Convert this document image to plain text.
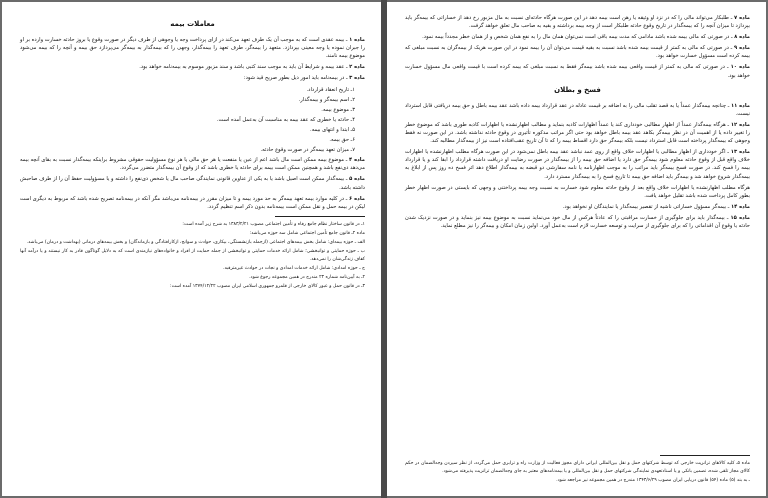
معاملات بیمه

ماده ۱ ـ بیمه عقدی است که به موجب آن یک طرف تعهد می‌کند در ازای پرداخت وجه یا وجوهی از طرف دیگر در صورت وقوع یا بروز حادثه خسارت وارده بر او را جبران نموده یا وجه معینی بپردازد. متعهد را بیمه‌گر، طرف تعهد را بیمه‌گذار، وجهی را که بیمه‌گذار به بیمه‌گر می‌پردازد حق بیمه و آنچه را که بیمه می‌شود موضوع بیمه نامند.

ماده ۲ ـ عقد بیمه و شرایط آن باید به موجب سند کتبی باشد و سند مزبور موسوم به بیمه‌نامه خواهد بود.

ماده ۳ ـ در بیمه‌نامه باید امور ذیل بطور صریح قید شود:

۱ـ تاریخ انعقاد قرارداد.

۲ـ اسم بیمه‌گر و بیمه‌گذار.

۳ـ موضوع بیمه.

۴ـ حادثه یا خطری که عقد بیمه به مناسبت آن به‌عمل آمده است.

۵ـ ابتدا و انتهای بیمه.

۶ـ حق بیمه.

۷ـ میزان تعهد بیمه‌گر در صورت وقوع حادثه.

ماده ۴ ـ موضوع بیمه ممکن است مال باشد اعم از عین یا منفعت یا هر حق مالی یا هر نوع مسؤولیت حقوقی مشروط براینکه بیمه‌گذار نسبت به بقای آنچه بیمه می‌دهد ذی‌نفع باشد و همچنین ممکن است بیمه برای حادثه یا خطری باشد که از وقوع آن بیمه‌گذار متضرر می‌گردد.

ماده ۵ ـ بیمه‌گذار ممکن است اصیل باشد یا به یکی از عناوین قانونی نمایندگی صاحب مال یا شخص ذی‌نفع را داشته و یا مسؤولیت حفظ آن را از طرف صاحبش داشته باشد.

ماده ۶ ـ در کلیه موارد بیمه تعهد بیمه‌گر به حد مورد بیمه و تا میزان مقرر در بیمه‌نامه می‌باشد مگر آنکه در بیمه‌نامه تصریح شده باشد که مربوط به دیگری است لیکن در بیمه حمل و نقل ممکن است بیمه‌نامه بدون ذکر اسم تنظیم گردد.

۱ـ در قانون ساختار نظام جامع رفاه و تأمین اجتماعی مصوب ۱۳۸۳/۲/۲۱ به شرح زیر آمده است:

ماده ۲ـ قانون جامع تأمین اجتماعی شامل سه حوزه می‌باشد:

الف ـ حوزه بیمه‌ای: شامل بخش بیمه‌های اجتماعی (ازجمله بازنشستگی، بیکاری، حوادث و سوانح، ازکارافتادگی و بازماندگان) و بخش بیمه‌های درمانی (بهداشت و درمان) می‌باشد.

ب ـ حوزه حمایتی و توانبخشی؛ شامل ارائه خدمات حمایتی و توانبخشی از جمله حمایت از افراد و خانواده‌های نیازمندی است که به دلایل گوناگون قادر به کار نیستند و یا درآمد آنها کفاف زندگی‌شان را نمی‌دهد.

ج ـ حوزه امدادی: شامل ارائه خدمات امدادی و نجات در حوادث غیرمترقبه.

۲ـ به آیین‌نامه شماره ۲۳ مندرج در همین مجموعه رجوع شود.

۳ـ در قانون حمل و عبور کالای خارجی از قلمرو جمهوری اسلامی ایران مصوب ۱۳۷۴/۱۲/۲۲ آمده است:

ماده ۷ ـ طلبکار می‌تواند مالی را که در نزد او وثیقه یا رهن است بیمه دهد در این صورت هرگاه حادثه‌ای نسبت به مال مزبور رخ دهد از خساراتی که بیمه‌گر باید بپردازد تا میزان آنچه را که بیمه‌گذار در تاریخ وقوع حادثه طلبکار است از وجه بیمه برداشته و بقیه به صاحب مال تعلق خواهد گرفت.

ماده ۸ ـ در صورتی که مالی بیمه شده باشد مادامی که مدت بیمه باقی است نمی‌توان همان مال را به نفع همان شخص و از همان خطر مجدداً بیمه نمود.

ماده ۹ ـ در صورتی که مالی به کمتر از قیمت بیمه شده باشد نسبت به بقیه قیمت می‌توان آن را بیمه نمود در این صورت هریک از بیمه‌گران به نسبت مبلغی که بیمه کرده است مسؤول خسارت خواهد بود.

ماده ۱۰ ـ در صورتی که مالی به کمتر از قیمت واقعی بیمه شده باشد بیمه‌گر فقط به نسبت مبلغی که بیمه کرده است با قیمت واقعی مال مسؤول خسارت خواهد بود.

فسخ و بطلان

ماده ۱۱ ـ چنانچه بیمه‌گذار عمداً یا به قصد تقلب مالی را به اضافه بر قیمت عادله در عقد قرارداد بیمه داده باشد عقد بیمه باطل و حق بیمه دریافتی قابل استرداد نیست.

ماده ۱۲ ـ هرگاه بیمه‌گذار عمداً از اظهار مطالبی خودداری کند یا عمداً اظهارات کاذبه بنماید و مطالب اظهارنشده یا اظهارات کاذبه طوری باشد که موضوع خطر را تغییر داده یا از اهمیت آن در نظر بیمه‌گر بکاهد عقد بیمه باطل خواهد بود حتی اگر مراتب مذکوره تأثیری در وقوع حادثه نداشته باشد. در این صورت نه فقط وجوهی که بیمه‌گذار پرداخته است قابل استرداد نیست بلکه بیمه‌گر حق دارد اقساط بیمه را که تا آن تاریخ عقب‌افتاده است نیز از بیمه‌گذار مطالبه کند.

ماده ۱۳ ـ اگر خودداری از اظهار مطالبی یا اظهارات خلاف واقع از روی عمد نباشد عقد بیمه باطل نمی‌شود در این صورت هرگاه مطلب اظهارنشده یا اظهارات خلاف واقع قبل از وقوع حادثه معلوم شود بیمه‌گر حق دارد یا اضافه حق بیمه را از بیمه‌گذار در صورت رضایت او دریافت داشته قرارداد را ابقا کند و یا قرارداد بیمه را فسخ کند. در صورت فسخ بیمه‌گر باید مراتب را به موجب اظهارنامه یا نامه سفارشی دو قبضه به بیمه‌گذار اطلاع دهد اثر فسخ ده روز پس از ابلاغ به بیمه‌گذار شروع خواهد شد و بیمه‌گر باید اضافه حق بیمه تا تاریخ فسخ را به بیمه‌گذار مسترد دارد.

هرگاه مطلب اظهارنشده یا اظهارات خلاف واقع بعد از وقوع حادثه معلوم شود خسارت به نسبت وجه بیمه پرداختنی و وجهی که بایستی در صورت اظهار خطر بطور کامل پرداخت شده باشد تقلیل خواهد یافت.

ماده ۱۴ ـ بیمه‌گر مسؤول خساراتی ناشیه از تقصیر بیمه‌گذار یا نمایندگان او نخواهد بود.

ماده ۱۵ ـ بیمه‌گذار باید برای جلوگیری از خسارت مراقبتی را که عادتاً هرکس از مال خود می‌نماید نسبت به موضوع بیمه نیز بنماید و در صورت نزدیک شدن حادثه یا وقوع آن اقداماتی را که برای جلوگیری از سرایت و توسعه خسارت لازم است به‌عمل آورد. اولین زمان امکان و بیمه‌گر را نیز مطلع نماید.

ماده ۵ـ کلیه کالاهای ترانزیت خارجی که توسط شرکتهای حمل و نقل بین‌المللی ایرانی دارای مجوز فعالیت از وزارت راه و ترابری حمل می‌گردد، از نظر سپردن وجه‌الضمان در حکم کالای مجاز تلقی شده، تضمین بانکی و یا اسنادتعهدی نمایندگی شرکتهای حمل و نقل بین‌المللی و یا بیمه‌نامه‌های معتبر به جای وجه‌الضمان ترانزیت پذیرفته می‌شود.

ـ به بند (۵) ماده (۵۴) قانون دریایی ایران مصوب ۱۳۴۳/۶/۲۹ مندرج در همین مجموعه نیز مراجعه شود.
